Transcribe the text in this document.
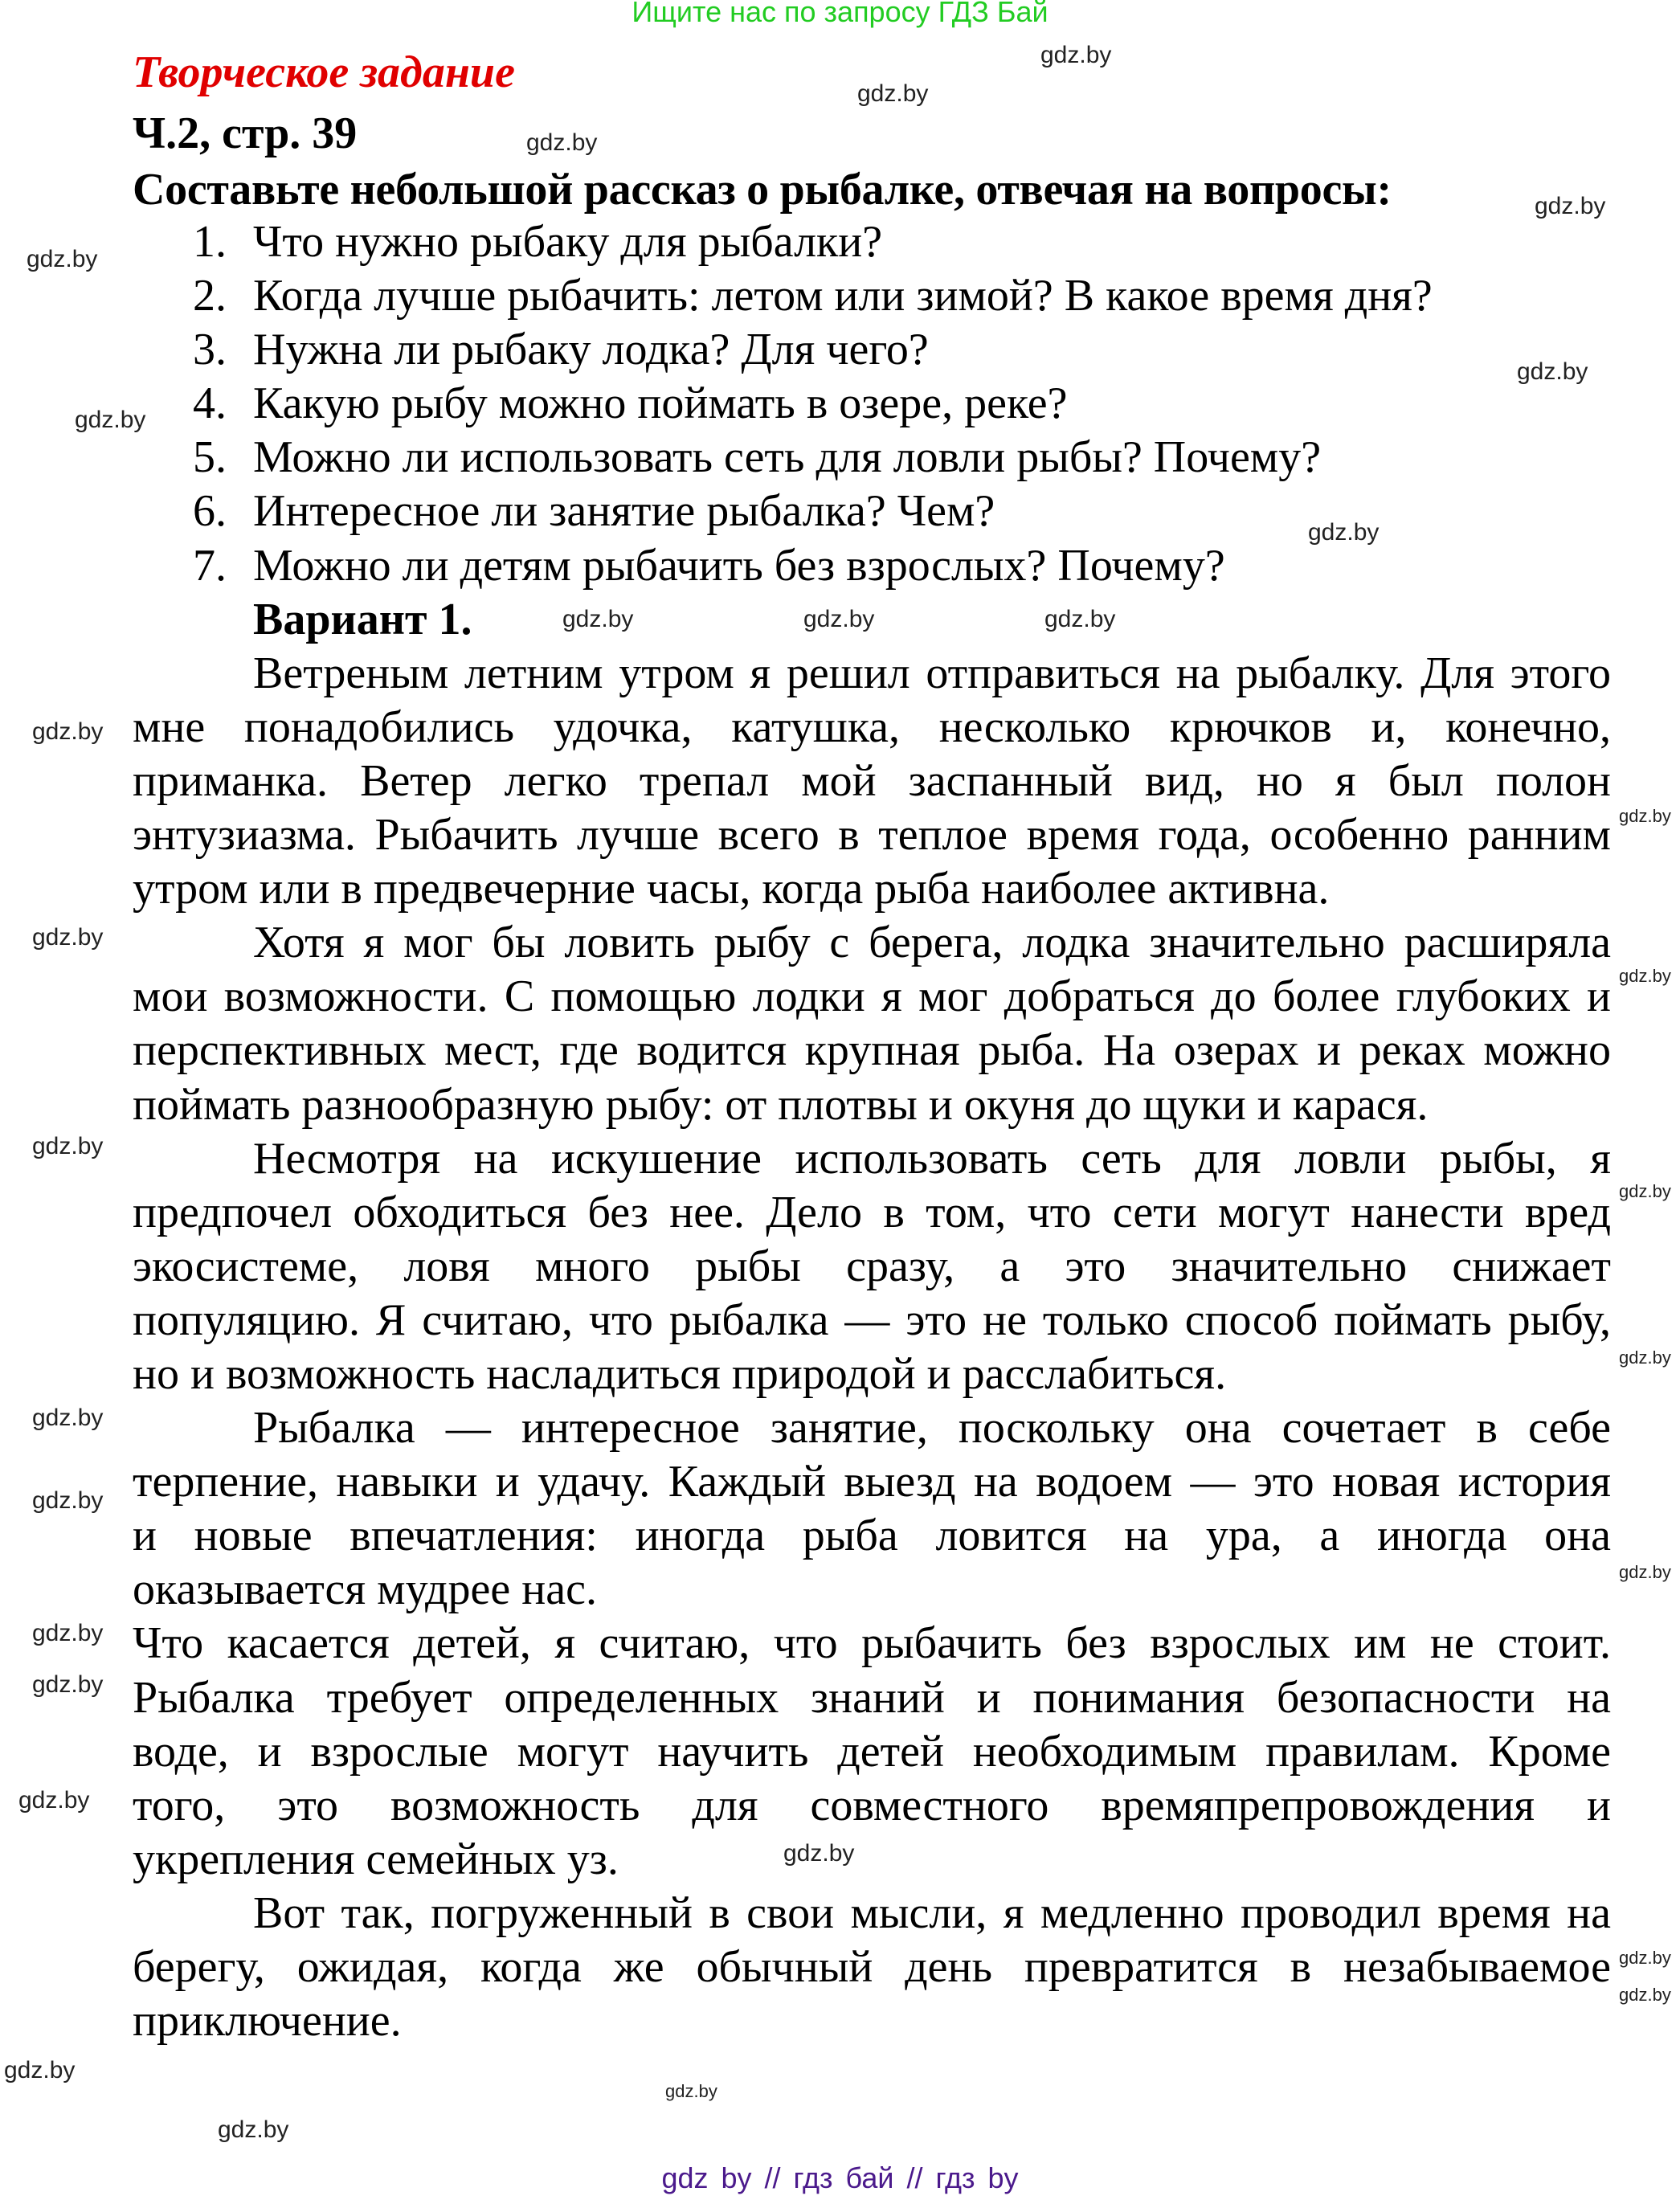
Ищите нас по запросу ГДЗ Бай
Творческое задание
Ч.2, стр. 39
Составьте небольшой рассказ о рыбалке, отвечая на вопросы:
1. Что нужно рыбаку для рыбалки?
2. Когда лучше рыбачить: летом или зимой? В какое время дня?
3. Нужна ли рыбаку лодка? Для чего?
4. Какую рыбу можно поймать в озере, реке?
5. Можно ли использовать сеть для ловли рыбы? Почему?
6. Интересное ли занятие рыбалка? Чем?
7. Можно ли детям рыбачить без взрослых? Почему?
Вариант 1.
Ветреным летним утром я решил отправиться на рыбалку. Для этого
мне понадобились удочка, катушка, несколько крючков и, конечно,
приманка. Ветер легко трепал мой заспанный вид, но я был полон
энтузиазма. Рыбачить лучше всего в теплое время года, особенно ранним
утром или в предвечерние часы, когда рыба наиболее активна.
Хотя я мог бы ловить рыбу с берега, лодка значительно расширяла
мои возможности. С помощью лодки я мог добраться до более глубоких и
перспективных мест, где водится крупная рыба. На озерах и реках можно
поймать разнообразную рыбу: от плотвы и окуня до щуки и карася.
Несмотря на искушение использовать сеть для ловли рыбы, я
предпочел обходиться без нее. Дело в том, что сети могут нанести вред
экосистеме, ловя много рыбы сразу, а это значительно снижает
популяцию. Я считаю, что рыбалка — это не только способ поймать рыбу,
но и возможность насладиться природой и расслабиться.
Рыбалка — интересное занятие, поскольку она сочетает в себе
терпение, навыки и удачу. Каждый выезд на водоем — это новая история
и новые впечатления: иногда рыба ловится на ура, а иногда она
оказывается мудрее нас.
Что касается детей, я считаю, что рыбачить без взрослых им не стоит.
Рыбалка требует определенных знаний и понимания безопасности на
воде, и взрослые могут научить детей необходимым правилам. Кроме
того, это возможность для совместного времяпрепровождения и
укрепления семейных уз.
Вот так, погруженный в свои мысли, я медленно проводил время на
берегу, ожидая, когда же обычный день превратится в незабываемое
приключение.
gdz.by
gdz.by
gdz.by
gdz.by
gdz.by
gdz.by
gdz.by
gdz.by
gdz.by	gdz.by	gdz.by
gdz.by
gdz.by
gdz.by
gdz.by
gdz.by
gdz.by
gdz.by
gdz.by
gdz.by
gdz.by
gdz.by
gdz.by
gdz.by
gdz.by
gdz.by
gdz.by
gdz.by
gdz.by
gdz.by
gdz by // гдз бай // гдз by
